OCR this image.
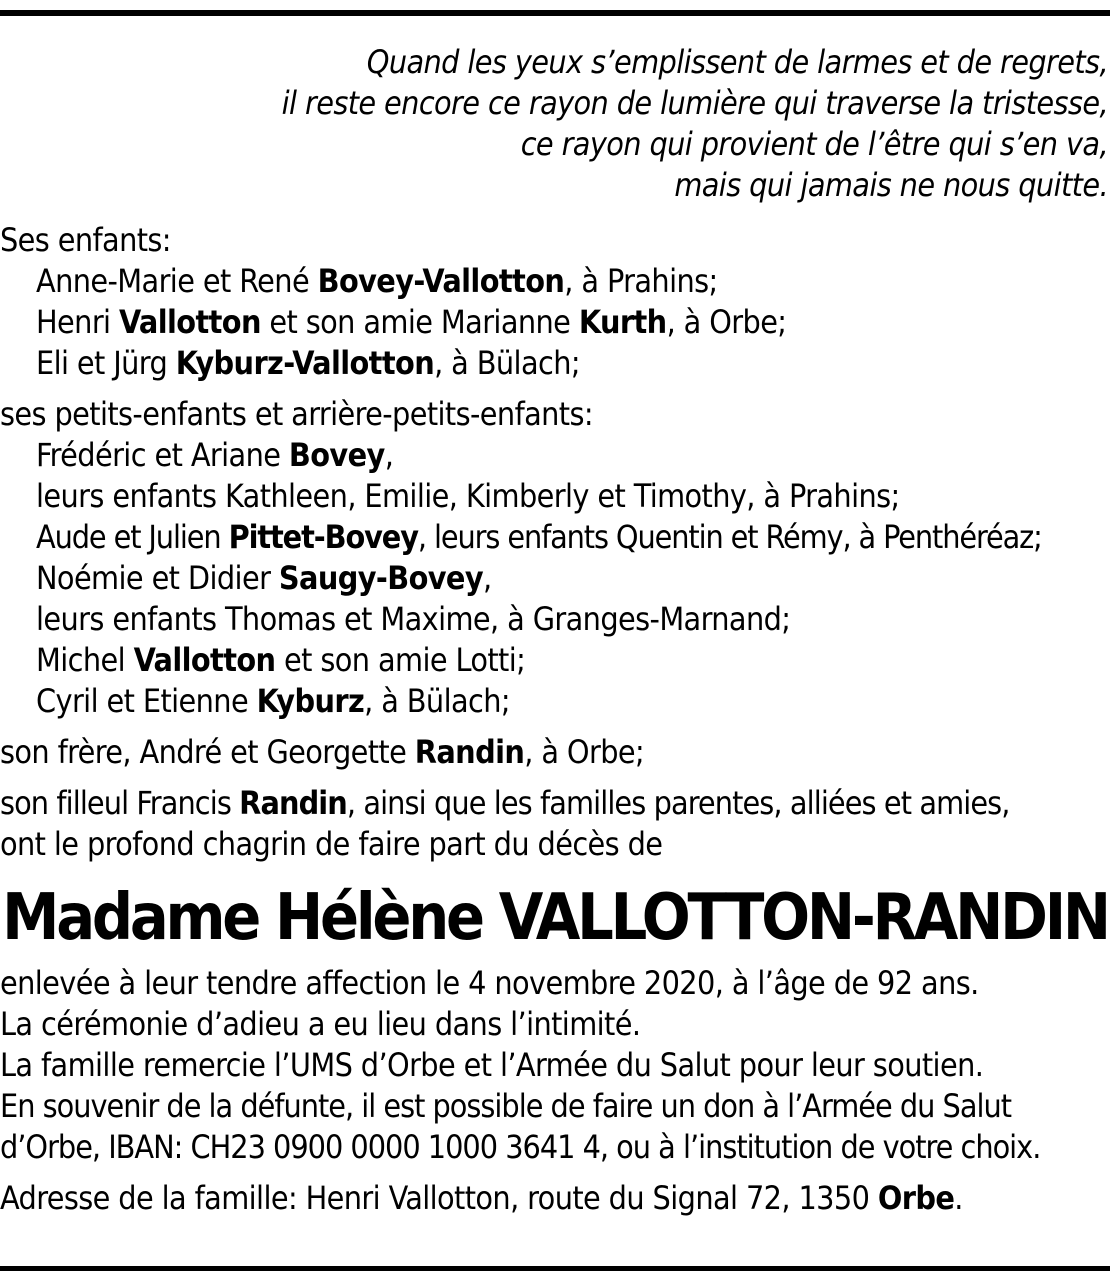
Quand les yeux s’emplissent de larmes et de regrets,
il reste encore ce rayon de lumière qui traverse la tristesse,
ce rayon qui provient de l’être qui s’en va,
mais qui jamais ne nous quitte.
Ses enfants:
Anne-Marie et René Bovey-Vallotton, à Prahins;
Henri Vallotton et son amie Marianne Kurth, à Orbe;
Eli et Jürg Kyburz-Vallotton, à Bülach;
ses petits-enfants et arrière-petits-enfants:
Frédéric et Ariane Bovey,
leurs enfants Kathleen, Emilie, Kimberly et Timothy, à Prahins;
Aude et Julien Pittet-Bovey, leurs enfants Quentin et Rémy, à Penthéréaz;
Noémie et Didier Saugy-Bovey,
leurs enfants Thomas et Maxime, à Granges-Marnand;
Michel Vallotton et son amie Lotti;
Cyril et Etienne Kyburz, à Bülach;
son frère, André et Georgette Randin, à Orbe;
son filleul Francis Randin, ainsi que les familles parentes, alliées et amies,
ont le profond chagrin de faire part du décès de
Madame Hélène VALLOTTON-RANDIN
enlevée à leur tendre affection le 4 novembre 2020, à l’âge de 92 ans.
La cérémonie d’adieu a eu lieu dans l’intimité.
La famille remercie l’UMS d’Orbe et l’Armée du Salut pour leur soutien.
En souvenir de la défunte, il est possible de faire un don à l’Armée du Salut
d’Orbe, IBAN: CH23 0900 0000 1000 3641 4, ou à l’institution de votre choix.
Adresse de la famille: Henri Vallotton, route du Signal 72, 1350 Orbe.
